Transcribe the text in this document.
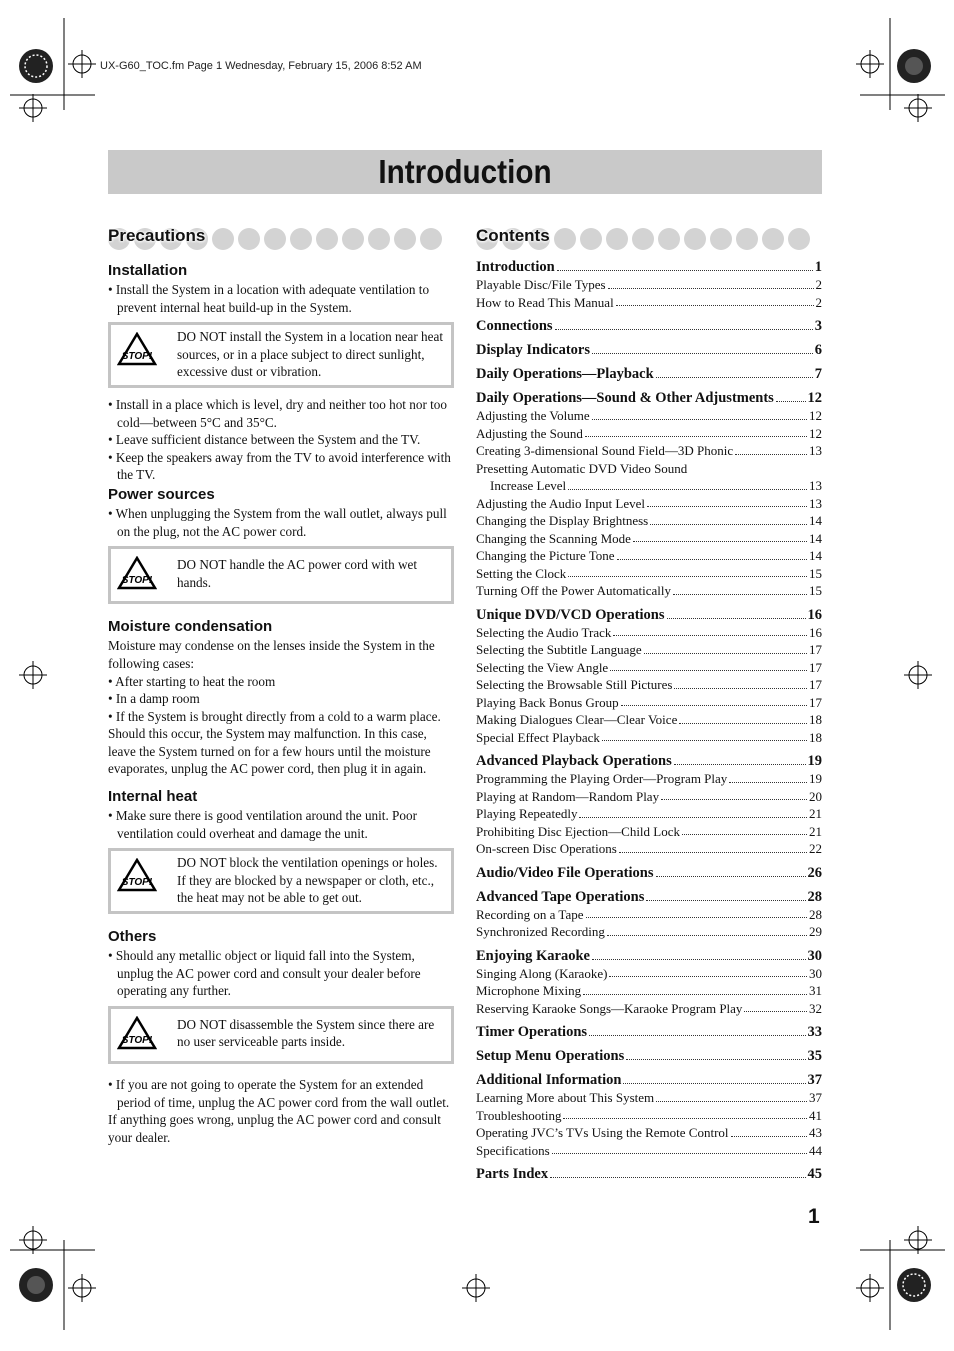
UX-G60_TOC.fm Page 1 Wednesday, February 15, 2006 8:52 AM
Introduction
Precautions
Installation
• Install the System in a location with adequate ventilation to prevent internal heat build-up in the System.
STOP!
DO NOT install the System in a location near heat sources, or in a place subject to direct sunlight, excessive dust or vibration.
• Install in a place which is level, dry and neither too hot nor too cold—between 5°C and 35°C.
• Leave sufficient distance between the System and the TV.
• Keep the speakers away from the TV to avoid interference with the TV.
Power sources
• When unplugging the System from the wall outlet, always pull on the plug, not the AC power cord.
STOP!
DO NOT handle the AC power cord with wet hands.
Moisture condensation
Moisture may condense on the lenses inside the System in the following cases:
• After starting to heat the room
• In a damp room
• If the System is brought directly from a cold to a warm place.
Should this occur, the System may malfunction. In this case, leave the System turned on for a few hours until the moisture evaporates, unplug the AC power cord, then plug it in again.
Internal heat
• Make sure there is good ventilation around the unit. Poor ventilation could overheat and damage the unit.
STOP!
DO NOT block the ventilation openings or holes. If they are blocked by a newspaper or cloth, etc., the heat may not be able to get out.
Others
• Should any metallic object or liquid fall into the System, unplug the AC power cord and consult your dealer before operating any further.
STOP!
DO NOT disassemble the System since there are no user serviceable parts inside.
• If you are not going to operate the System for an extended period of time, unplug the AC power cord from the wall outlet.
If anything goes wrong, unplug the AC power cord and consult your dealer.
Contents
Introduction	1
Playable Disc/File Types	2
How to Read This Manual	2
Connections	3
Display Indicators	6
Daily Operations—Playback	7
Daily Operations—Sound & Other Adjustments 12
Adjusting the Volume	12
Adjusting the Sound	12
Creating 3-dimensional Sound Field—3D Phonic	13
Presetting Automatic DVD Video Sound
Increase Level	13
Adjusting the Audio Input Level	13
Changing the Display Brightness	14
Changing the Scanning Mode	14
Changing the Picture Tone	14
Setting the Clock	15
Turning Off the Power Automatically	15
Unique DVD/VCD Operations	16
Selecting the Audio Track	16
Selecting the Subtitle Language	17
Selecting the View Angle	17
Selecting the Browsable Still Pictures	17
Playing Back Bonus Group	17
Making Dialogues Clear—Clear Voice	18
Special Effect Playback	18
Advanced Playback Operations	19
Programming the Playing Order—Program Play	19
Playing at Random—Random Play	20
Playing Repeatedly	21
Prohibiting Disc Ejection—Child Lock	21
On-screen Disc Operations	22
Audio/Video File Operations	26
Advanced Tape Operations	28
Recording on a Tape	28
Synchronized Recording	29
Enjoying Karaoke	30
Singing Along (Karaoke)	30
Microphone Mixing	31
Reserving Karaoke Songs—Karaoke Program Play	32
Timer Operations	33
Setup Menu Operations	35
Additional Information	37
Learning More about This System	37
Troubleshooting	41
Operating JVC’s TVs Using the Remote Control	43
Specifications	44
Parts Index	45
1
